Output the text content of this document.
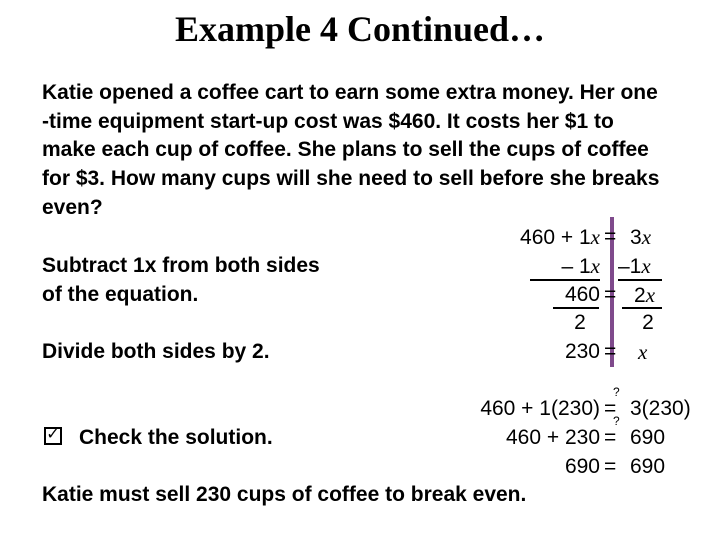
Example 4 Continued…
Katie opened a coffee cart to earn some extra money. Her one
-time equipment start-up cost was $460. It costs her $1 to
make each cup of coffee. She plans to sell the cups of coffee
for $3. How many cups will she need to sell before she breaks
even?
Subtract 1x from both sides
of the equation.
Divide both sides by 2.
✓ Check the solution.
460 + 1x = 3x
– 1x –1x
460 = 2x
2	2
230 = x
?
460 + 1(230) = 3(230)
?
460 + 230 = 690
690 = 690
Katie must sell 230 cups of coffee to break even.
